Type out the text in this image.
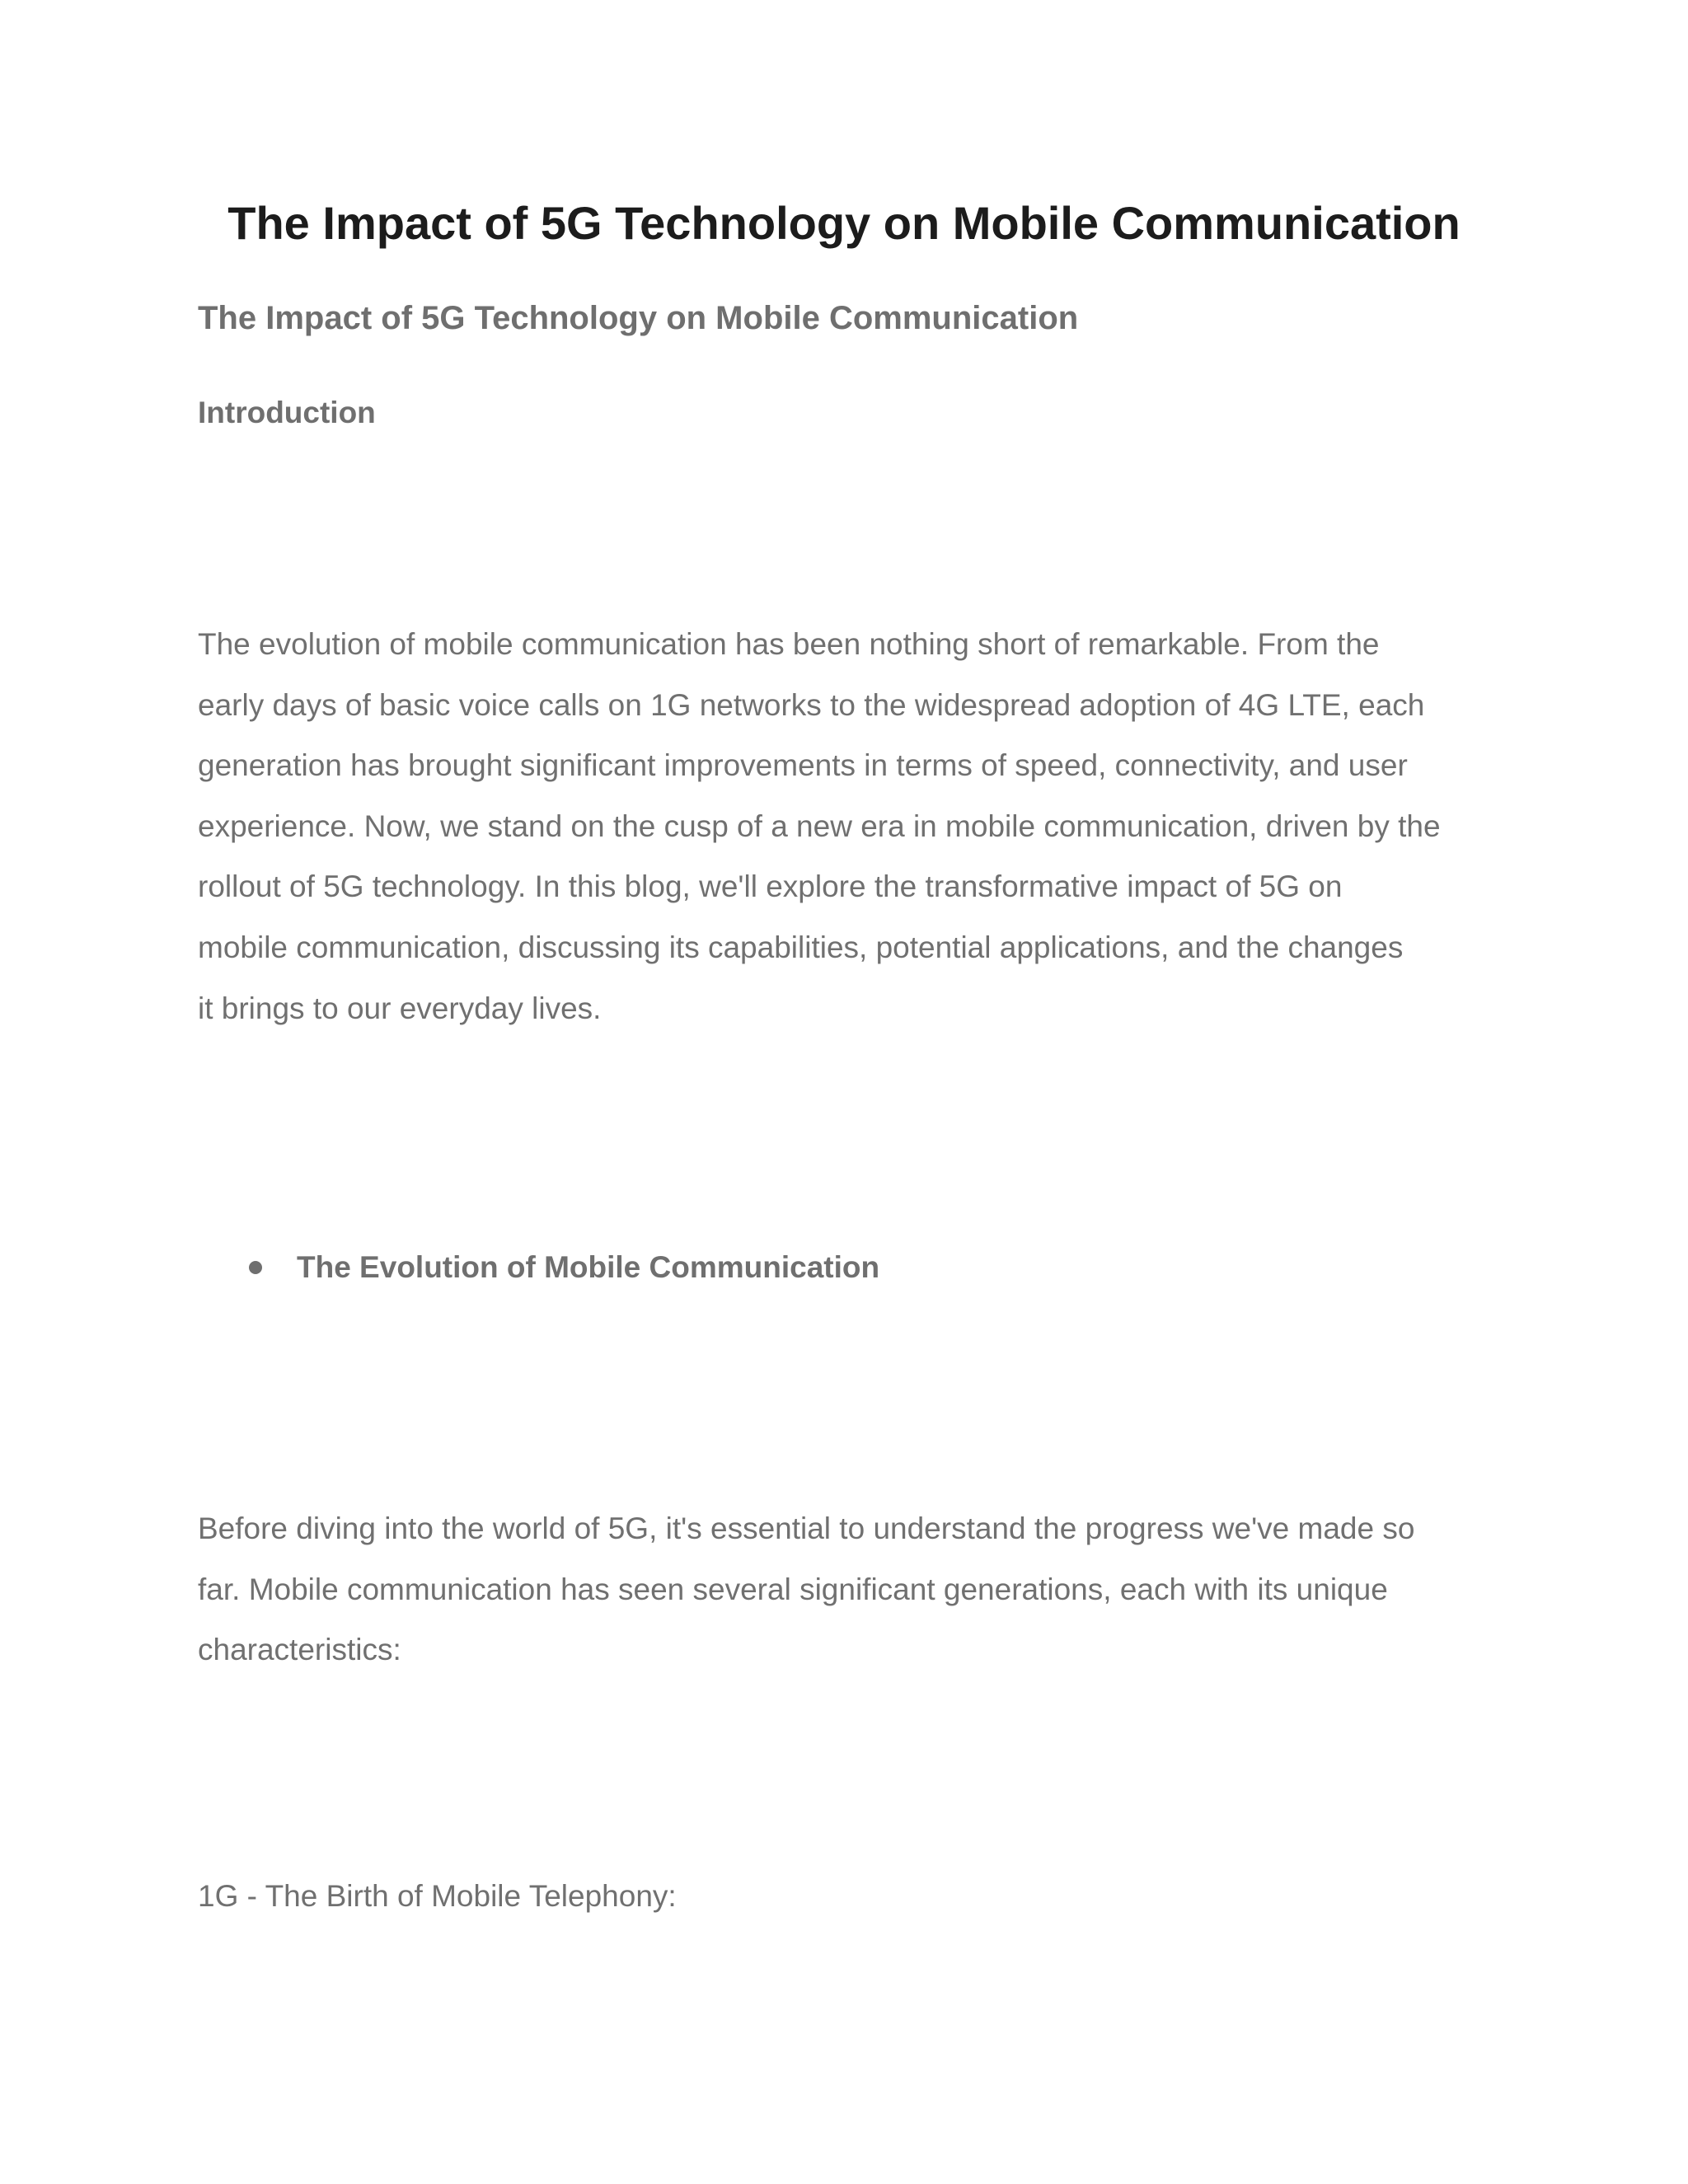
The Impact of 5G Technology on Mobile Communication
The Impact of 5G Technology on Mobile Communication
Introduction

The evolution of mobile communication has been nothing short of remarkable. From the
early days of basic voice calls on 1G networks to the widespread adoption of 4G LTE, each
generation has brought significant improvements in terms of speed, connectivity, and user
experience. Now, we stand on the cusp of a new era in mobile communication, driven by the
rollout of 5G technology. In this blog, we'll explore the transformative impact of 5G on
mobile communication, discussing its capabilities, potential applications, and the changes
it brings to our everyday lives.

The Evolution of Mobile Communication

Before diving into the world of 5G, it's essential to understand the progress we've made so
far. Mobile communication has seen several significant generations, each with its unique
characteristics:

1G - The Birth of Mobile Telephony:
